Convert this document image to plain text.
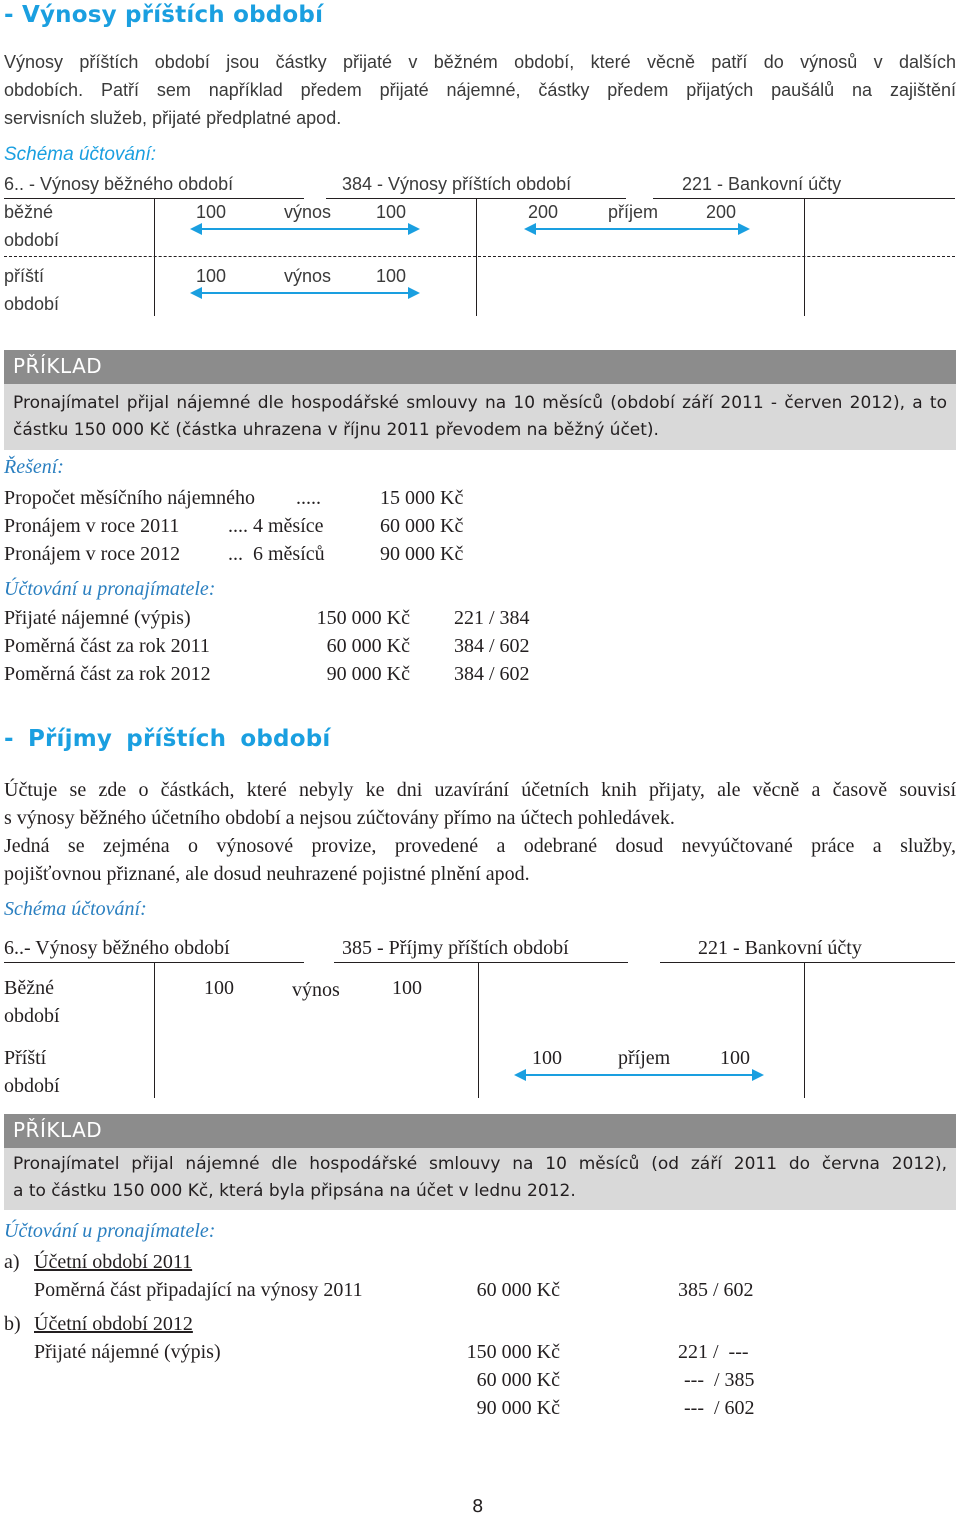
- Výnosy příštích období
Výnosy příštích období jsou částky přijaté v běžném období, které věcně patří do výnosů v dalších
obdobích. Patří sem například předem přijaté nájemné, částky předem přijatých paušálů na zajištění
servisních služeb, přijaté předplatné apod.
Schéma účtování:
6.. - Výnosy běžného období	384 - Výnosy příštích období	221 - Bankovní účty
běžné
období
100	výnos 100	200	příjem	200
příští
období
100	výnos 100
PŘÍKLAD
Pronajímatel přijal nájemné dle hospodářské smlouvy na 10 měsíců (období září 2011 - červen 2012), a to
částku 150 000 Kč (částka uhrazena v říjnu 2011 převodem na běžný účet).
Řešení:
Propočet měsíčního nájemného .....	15 000 Kč
Pronájem v roce 2011 .... 4 měsíce	60 000 Kč
Pronájem v roce 2012 ...  6 měsíců	90 000 Kč
Účtování u pronajímatele:
Přijaté nájemné (výpis)	150 000 Kč 221 / 384
Poměrná část za rok 2011	60 000 Kč 384 / 602
Poměrná část za rok 2012	90 000 Kč 384 / 602
- Příjmy příštích období
Účtuje se zde o částkách, které nebyly ke dni uzavírání účetních knih přijaty, ale věcně a časově souvisí
s výnosy běžného účetního období a nejsou zúčtovány přímo na účtech pohledávek.
Jedná se zejména o výnosové provize, provedené a odebrané dosud nevyúčtované práce a služby,
pojišťovnou přiznané, ale dosud neuhrazené pojistné plnění apod.
Schéma účtování:
6..- Výnosy běžného období	385 - Příjmy příštích období	221 - Bankovní účty
Běžné
období
100	výnos	100
Příští
období
100	příjem 100
PŘÍKLAD
Pronajímatel přijal nájemné dle hospodářské smlouvy na 10 měsíců (od září 2011 do června 2012),
a to částku 150 000 Kč, která byla připsána na účet v lednu 2012.
Účtování u pronajímatele:
a) Účetní období 2011
Poměrná část připadající na výnosy 2011	60 000 Kč	385 / 602
b) Účetní období 2012
Přijaté nájemné (výpis)	150 000 Kč	221 /  ---
60 000 Kč	---  / 385
90 000 Kč	---  / 602
8
